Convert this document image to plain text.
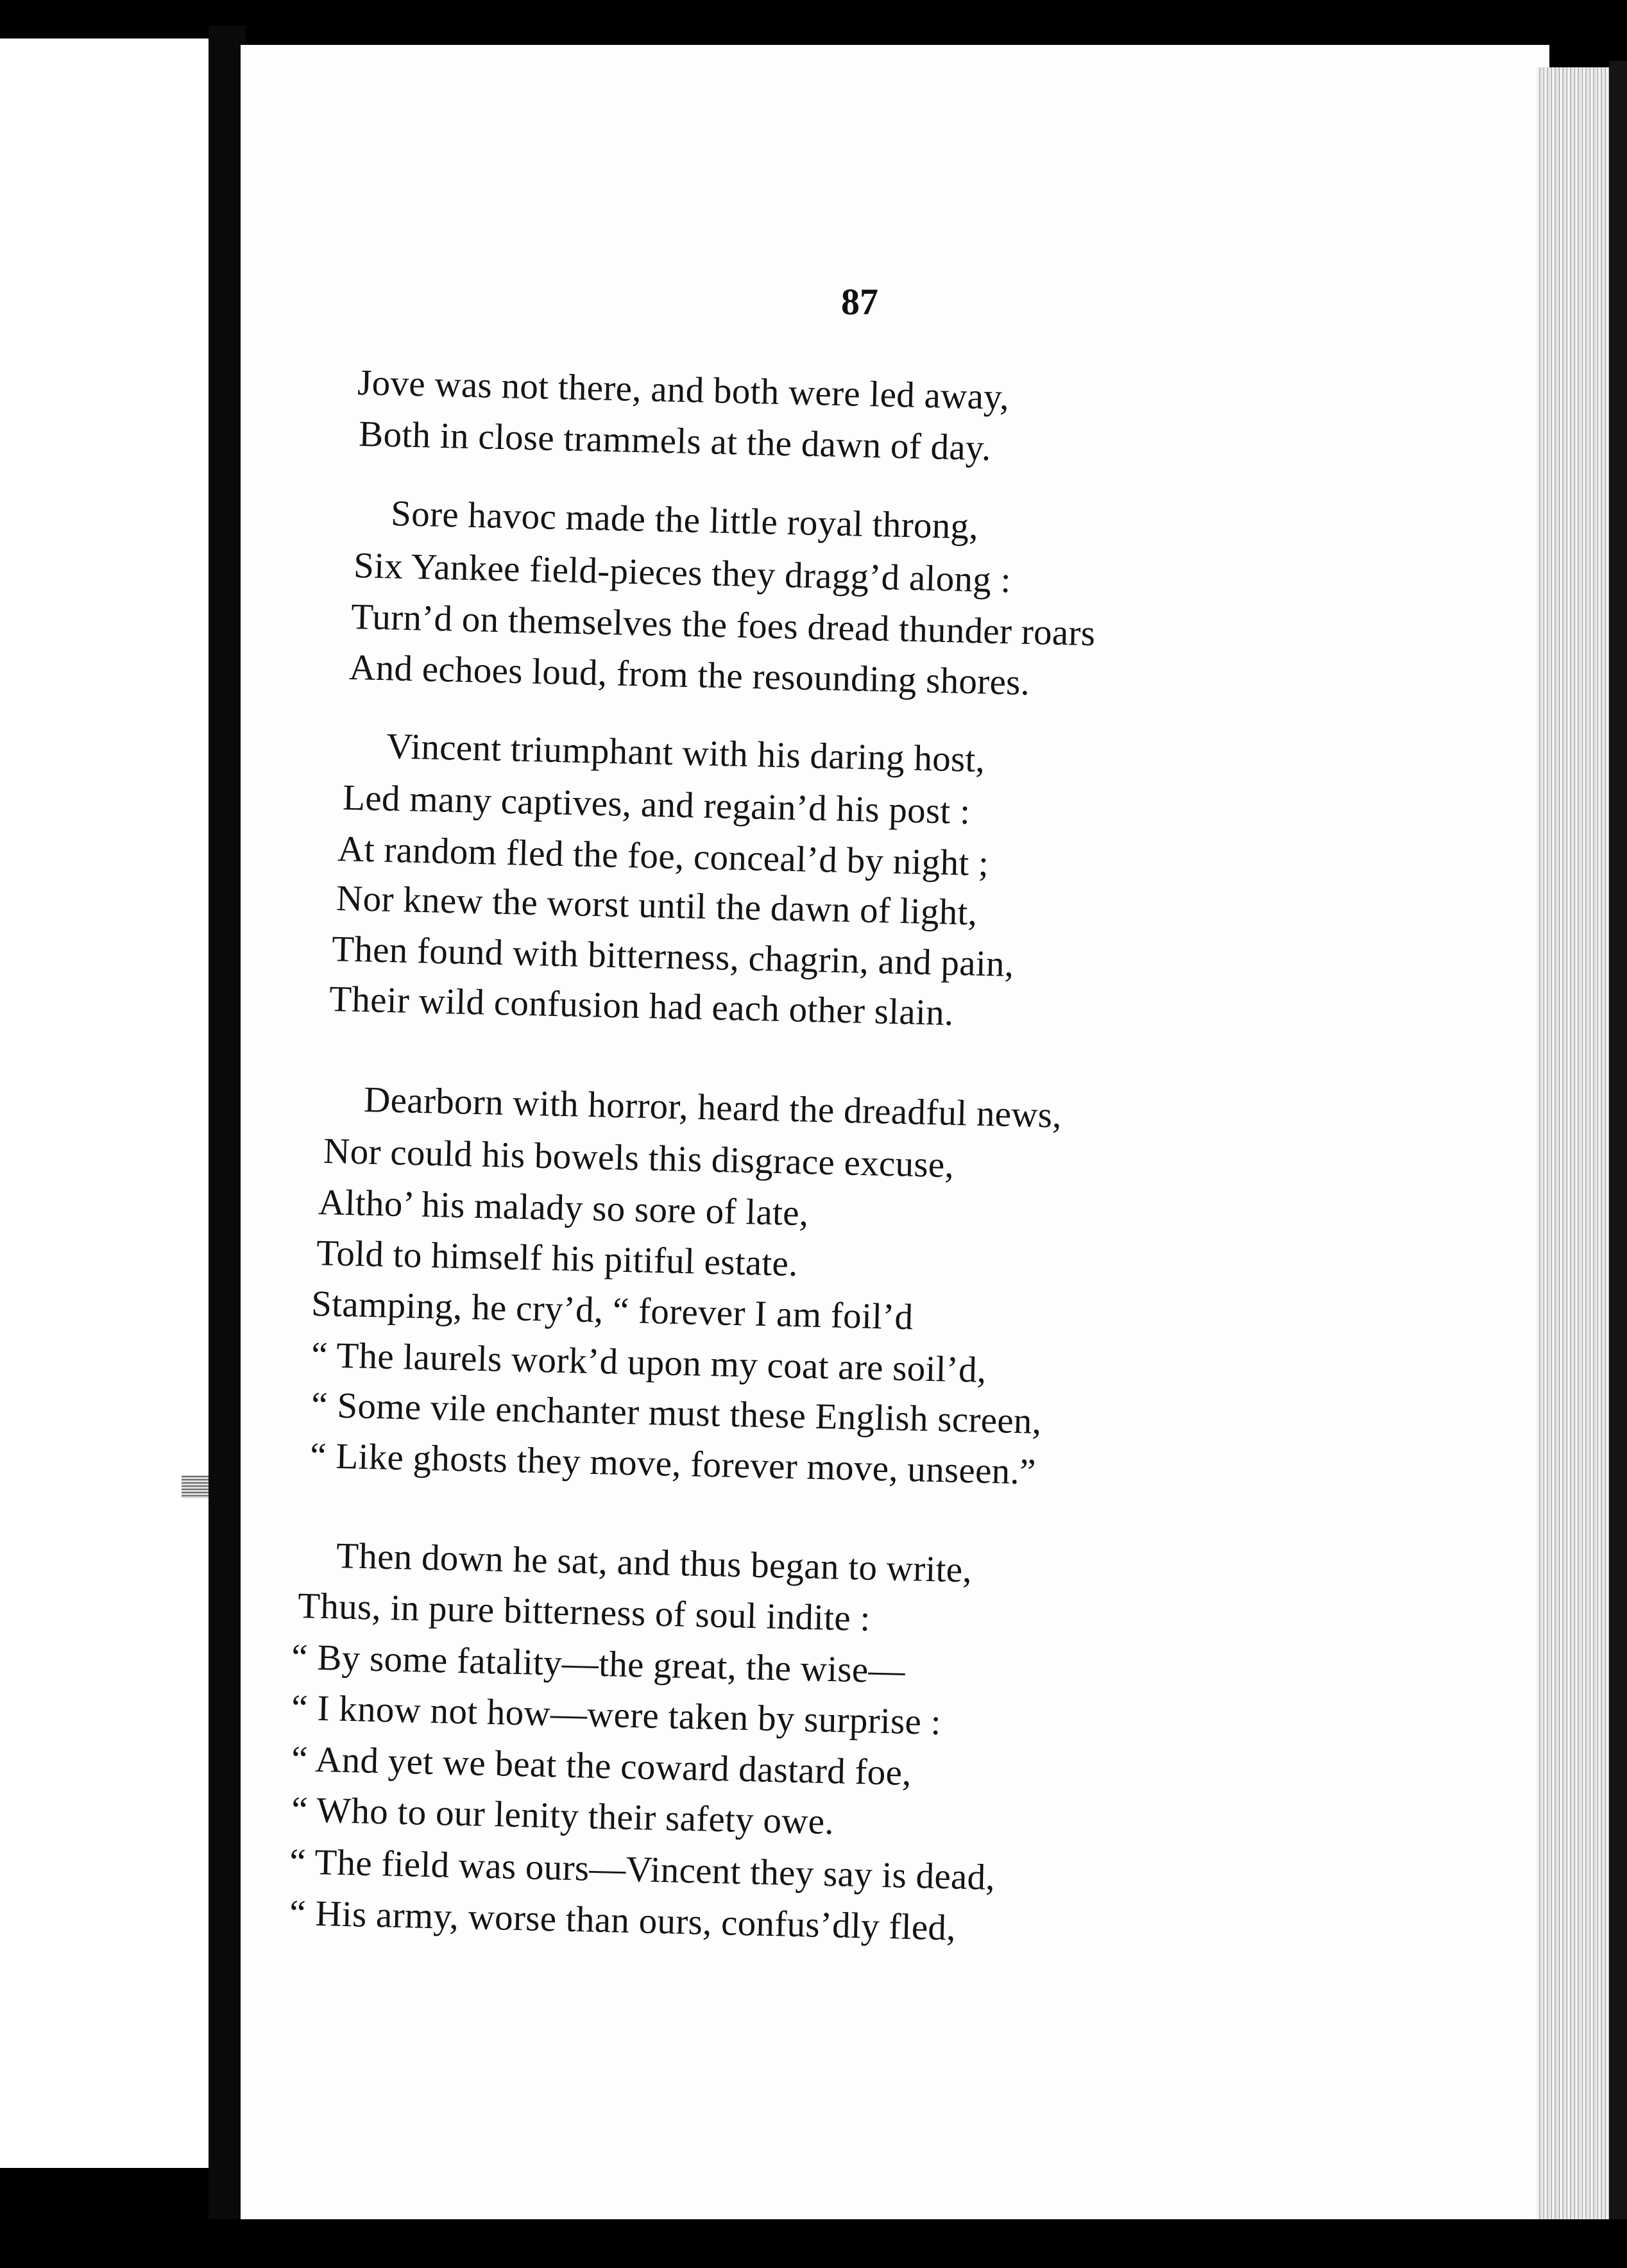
87
Jove was not there, and both were led away,
Both in close trammels at the dawn of day.
Sore havoc made the little royal throng,
Six Yankee field-pieces they dragg’d along :
Turn’d on themselves the foes dread thunder roars
And echoes loud, from the resounding shores.
Vincent triumphant with his daring host,
Led many captives, and regain’d his post :
At random fled the foe, conceal’d by night ;
Nor knew the worst until the dawn of light,
Then found with bitterness, chagrin, and pain,
Their wild confusion had each other slain.
Dearborn with horror, heard the dreadful news,
Nor could his bowels this disgrace excuse,
Altho’ his malady so sore of late,
Told to himself his pitiful estate.
Stamping, he cry’d, “ forever I am foil’d
“ The laurels work’d upon my coat are soil’d,
“ Some vile enchanter must these English screen,
“ Like ghosts they move, forever move, unseen.”
Then down he sat, and thus began to write,
Thus, in pure bitterness of soul indite :
“ By some fatality—the great, the wise—
“ I know not how—were taken by surprise :
“ And yet we beat the coward dastard foe,
“ Who to our lenity their safety owe.
“ The field was ours—Vincent they say is dead,
“ His army, worse than ours, confus’dly fled,
